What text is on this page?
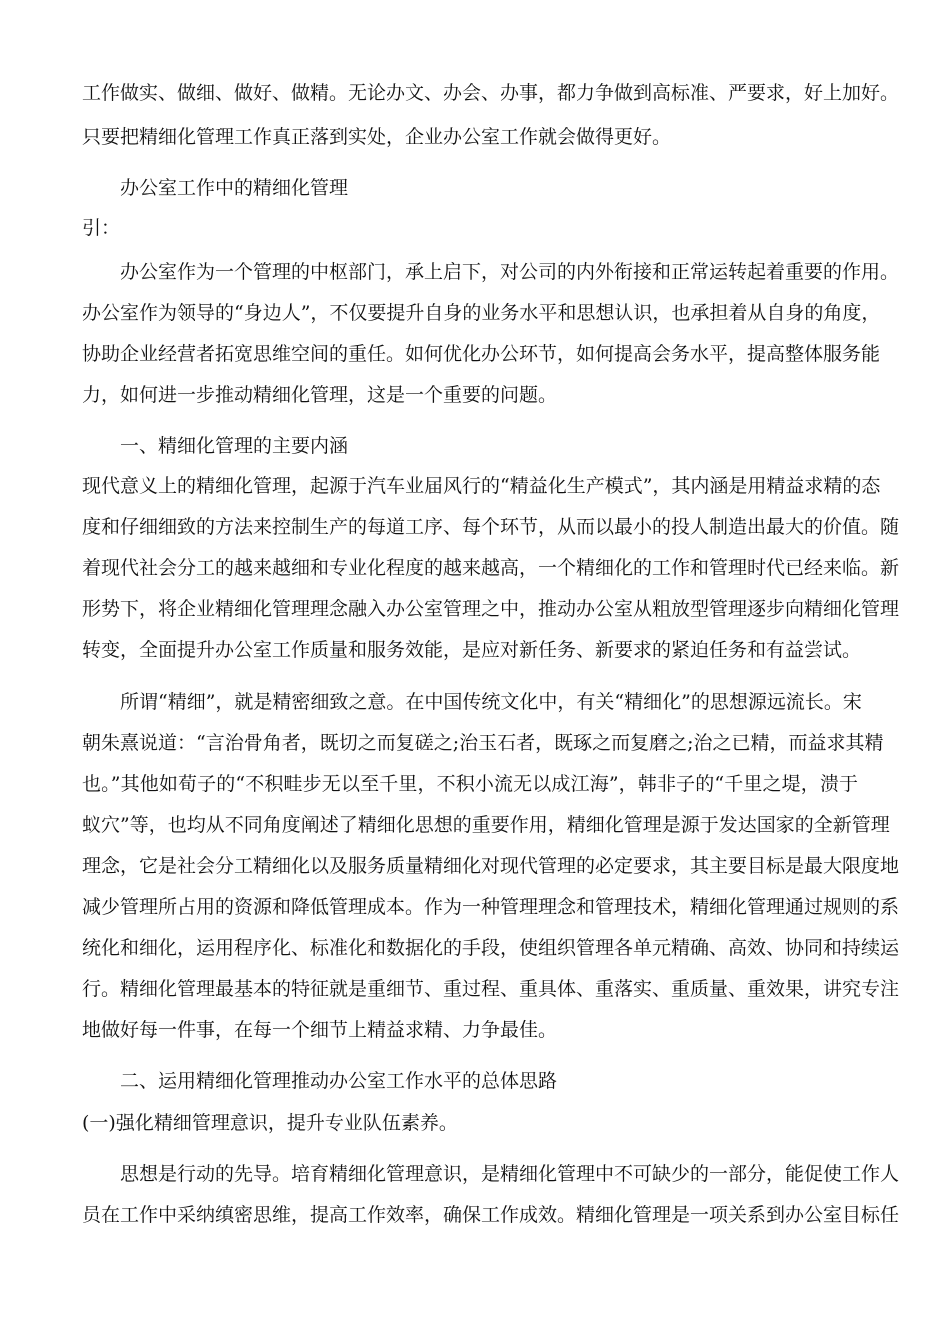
工作做实、做细、做好、做精。无论办文、办会、办事，都力争做到高标准、严要求，好上加好。
只要把精细化管理工作真正落到实处，企业办公室工作就会做得更好。
办公室工作中的精细化管理
引：
办公室作为一个管理的中枢部门，承上启下，对公司的内外衔接和正常运转起着重要的作用。
办公室作为领导的“身边人”，不仅要提升自身的业务水平和思想认识，也承担着从自身的角度，
协助企业经营者拓宽思维空间的重任。如何优化办公环节，如何提高会务水平，提高整体服务能
力，如何进一步推动精细化管理，这是一个重要的问题。
一、精细化管理的主要内涵
现代意义上的精细化管理，起源于汽车业届风行的“精益化生产模式”，其内涵是用精益求精的态
度和仔细细致的方法来控制生产的每道工序、每个环节，从而以最小的投人制造出最大的价值。随
着现代社会分工的越来越细和专业化程度的越来越高，一个精细化的工作和管理时代已经来临。新
形势下，将企业精细化管理理念融入办公室管理之中，推动办公室从粗放型管理逐步向精细化管理
转变，全面提升办公室工作质量和服务效能，是应对新任务、新要求的紧迫任务和有益尝试。
所谓“精细”，就是精密细致之意。在中国传统文化中，有关“精细化”的思想源远流长。宋
朝朱熹说道：“言治骨角者，既切之而复磋之;治玉石者，既琢之而复磨之;治之已精，而益求其精
也。”其他如荀子的“不积畦步无以至千里，不积小流无以成江海”，韩非子的“千里之堤，溃于
蚁穴”等，也均从不同角度阐述了精细化思想的重要作用，精细化管理是源于发达国家的全新管理
理念，它是社会分工精细化以及服务质量精细化对现代管理的必定要求，其主要目标是最大限度地
减少管理所占用的资源和降低管理成本。作为一种管理理念和管理技术，精细化管理通过规则的系
统化和细化，运用程序化、标准化和数据化的手段，使组织管理各单元精确、高效、协同和持续运
行。精细化管理最基本的特征就是重细节、重过程、重具体、重落实、重质量、重效果，讲究专注
地做好每一件事，在每一个细节上精益求精、力争最佳。
二、运用精细化管理推动办公室工作水平的总体思路
(一)强化精细管理意识，提升专业队伍素养。
思想是行动的先导。培育精细化管理意识，是精细化管理中不可缺少的一部分，能促使工作人
员在工作中采纳缜密思维，提高工作效率，确保工作成效。精细化管理是一项关系到办公室目标任
